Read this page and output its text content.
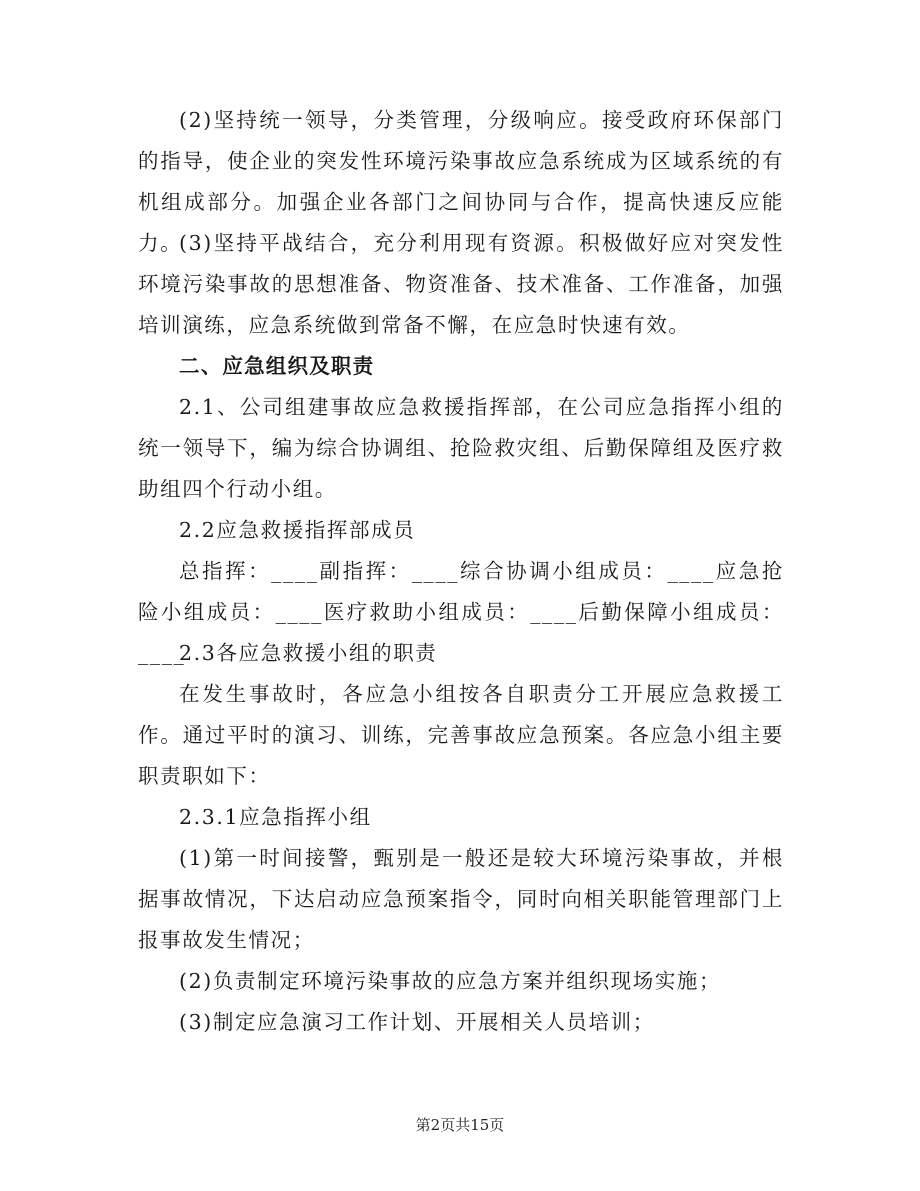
(2)坚持统一领导，分类管理，分级响应。接受政府环保部门的指导，使企业的突发性环境污染事故应急系统成为区域系统的有机组成部分。加强企业各部门之间协同与合作，提高快速反应能力。

(3)坚持平战结合，充分利用现有资源。积极做好应对突发性环境污染事故的思想准备、物资准备、技术准备、工作准备，加强培训演练，应急系统做到常备不懈，在应急时快速有效。

二、应急组织及职责

2.1、公司组建事故应急救援指挥部，在公司应急指挥小组的统一领导下，编为综合协调组、抢险救灾组、后勤保障组及医疗救助组四个行动小组。

2.2应急救援指挥部成员

总指挥：____副指挥：____综合协调小组成员：____应急抢险小组成员：____医疗救助小组成员：____后勤保障小组成员：____

2.3各应急救援小组的职责

在发生事故时，各应急小组按各自职责分工开展应急救援工作。通过平时的演习、训练，完善事故应急预案。各应急小组主要职责职如下：

2.3.1应急指挥小组

(1)第一时间接警，甄别是一般还是较大环境污染事故，并根据事故情况，下达启动应急预案指令，同时向相关职能管理部门上报事故发生情况；

(2)负责制定环境污染事故的应急方案并组织现场实施；

(3)制定应急演习工作计划、开展相关人员培训；

第2页共15页
